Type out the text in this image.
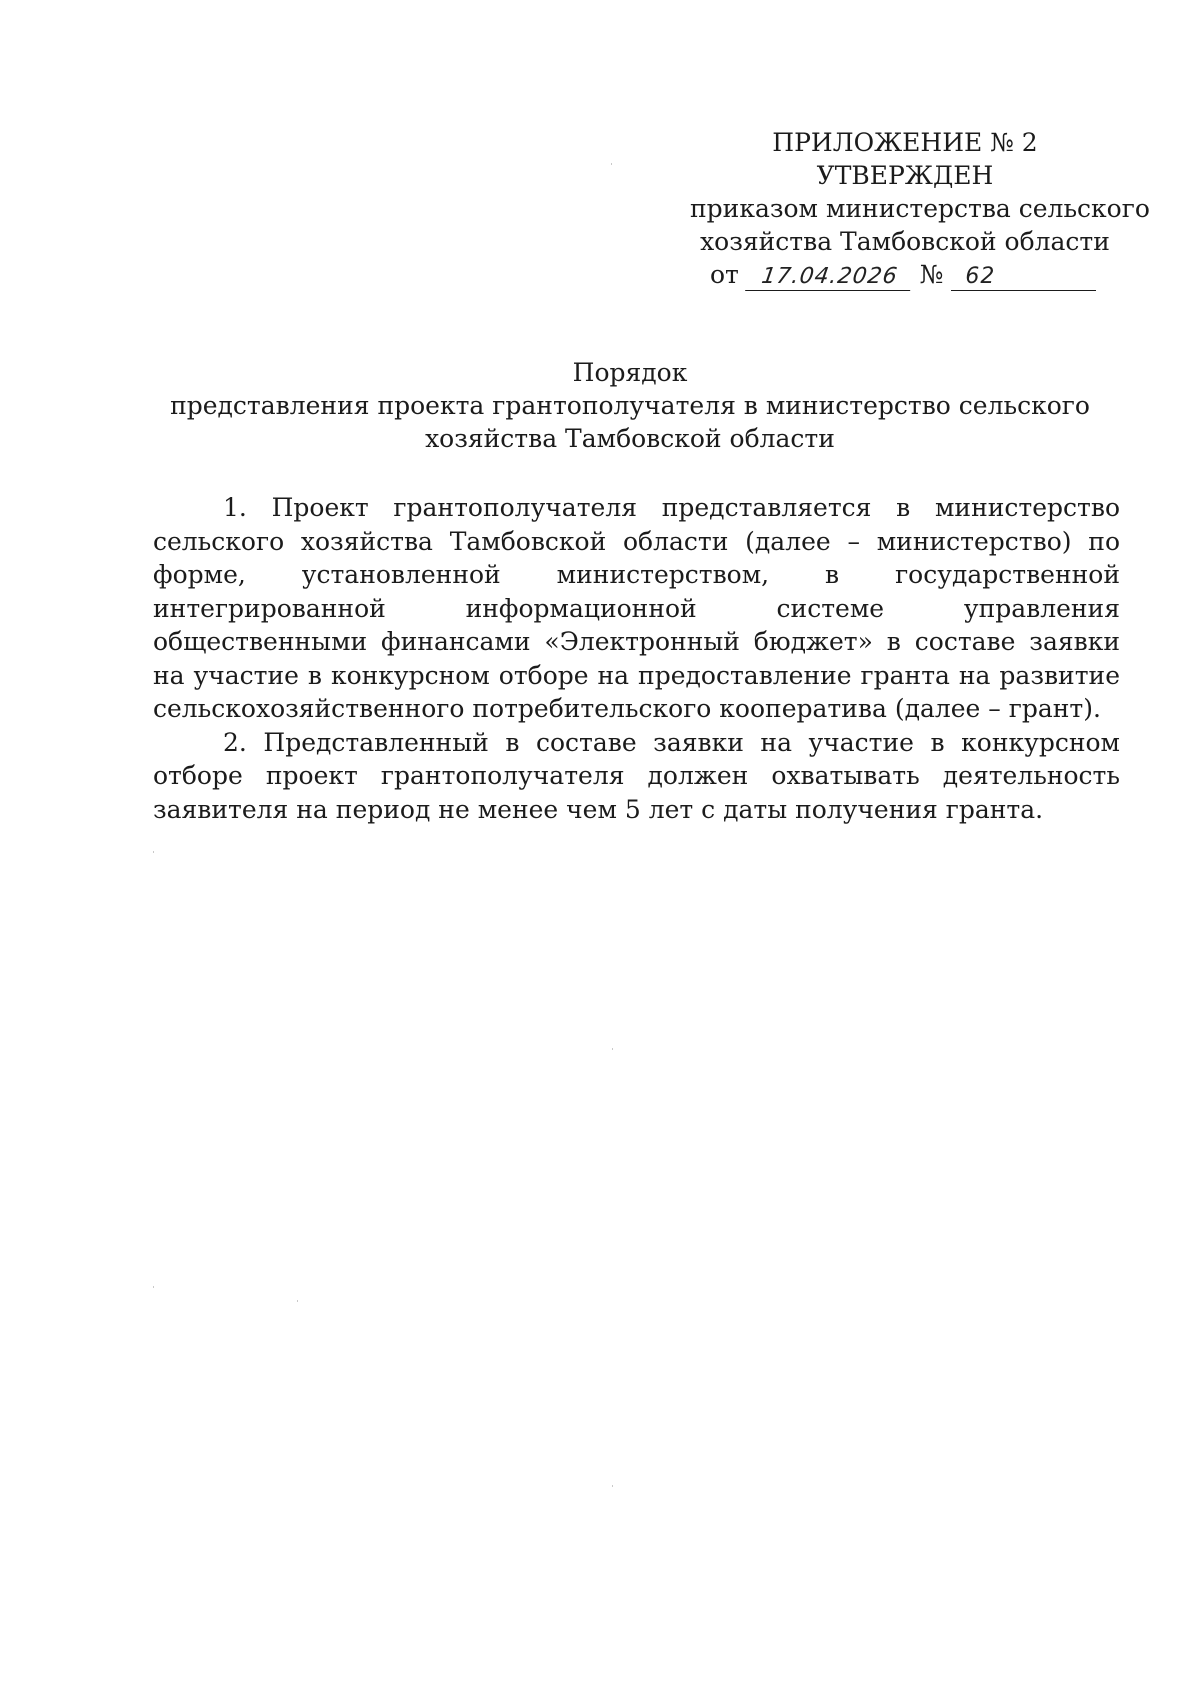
ПРИЛОЖЕНИЕ № 2
УТВЕРЖДЕН
приказом министерства сельского
хозяйства Тамбовской области
от 17.04.2026 № 62
Порядок
представления проекта грантополучателя в министерство сельского
хозяйства Тамбовской области

1. Проект грантополучателя представляется в министерство сельского хозяйства Тамбовской области (далее – министерство) по форме, установленной министерством, в государственной интегрированной информационной системе управления общественными финансами «Электронный бюджет» в составе заявки на участие в конкурсном отборе на предоставление гранта на развитие сельскохозяйственного потребительского кооператива (далее – грант).

2. Представленный в составе заявки на участие в конкурсном отборе проект грантополучателя должен охватывать деятельность заявителя на период не менее чем 5 лет с даты получения гранта.
